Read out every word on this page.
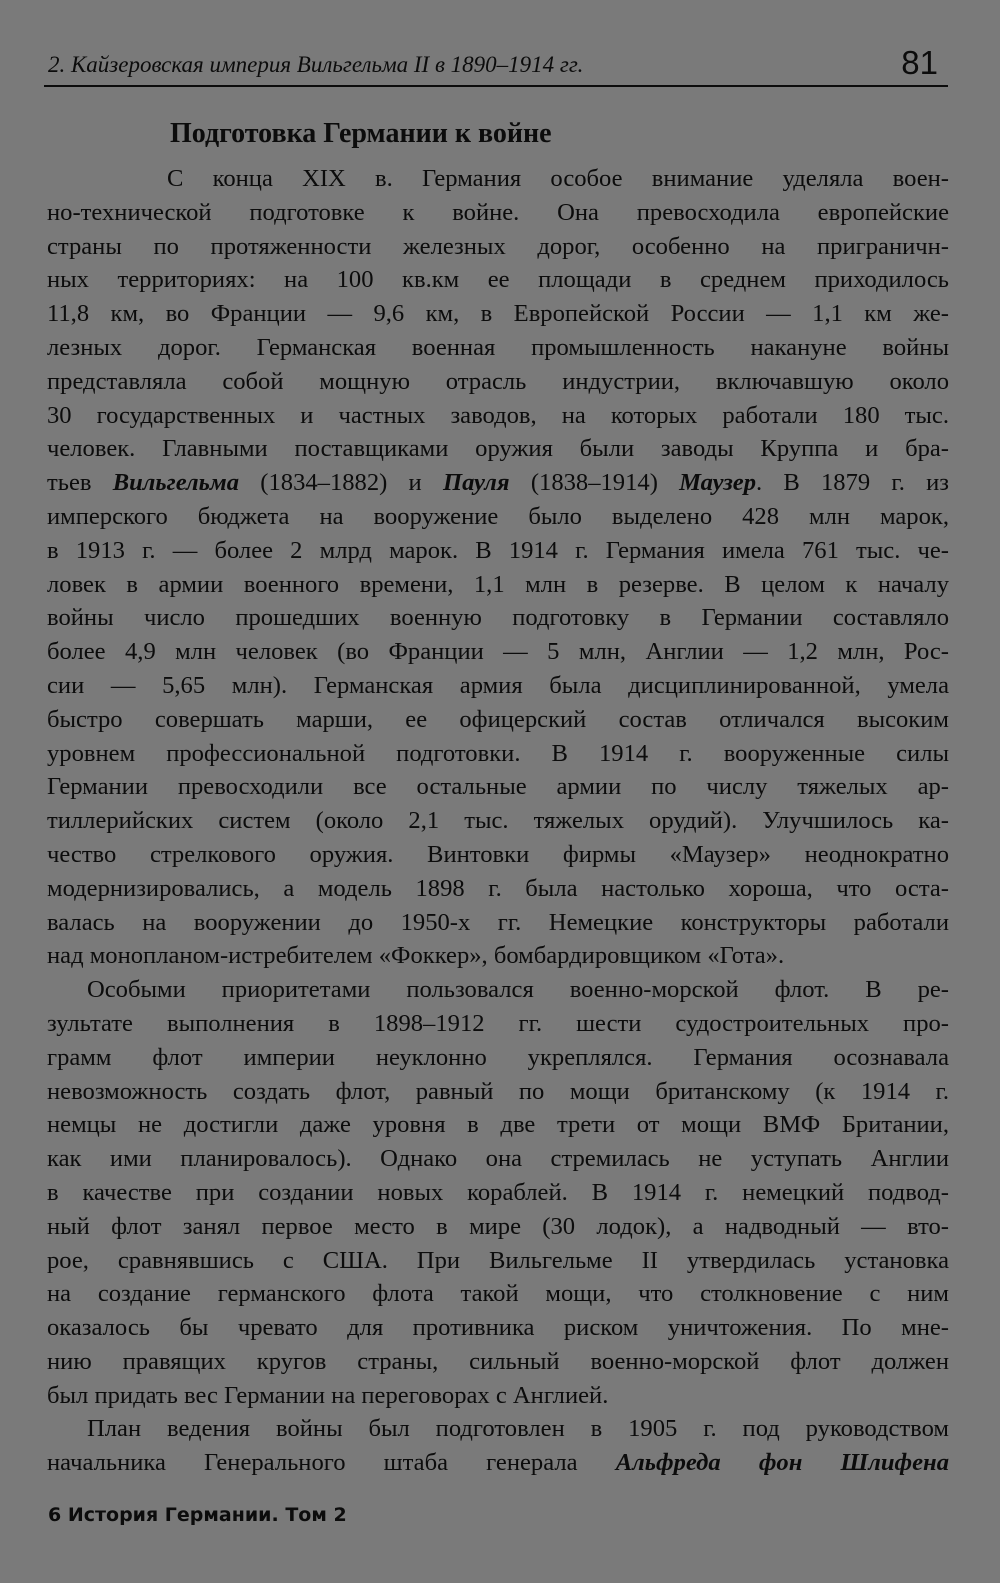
2. Кайзеровская империя Вильгельма II в 1890–1914 гг.	81
Подготовка Германии к войне
С конца XIX в. Германия особое внимание уделяла воен-
но-технической подготовке к войне. Она превосходила европейские
страны по протяженности железных дорог, особенно на приграничн-
ных территориях: на 100 кв.км ее площади в среднем приходилось
11,8 км, во Франции — 9,6 км, в Европейской России — 1,1 км же-
лезных дорог. Германская военная промышленность накануне войны
представляла собой мощную отрасль индустрии, включавшую около
30 государственных и частных заводов, на которых работали 180 тыс.
человек. Главными поставщиками оружия были заводы Круппа и бра-
тьев Вильгельма (1834–1882) и Пауля (1838–1914) Маузер. В 1879 г. из
имперского бюджета на вооружение было выделено 428 млн марок,
в 1913 г. — более 2 млрд марок. В 1914 г. Германия имела 761 тыс. че-
ловек в армии военного времени, 1,1 млн в резерве. В целом к началу
войны число прошедших военную подготовку в Германии составляло
более 4,9 млн человек (во Франции — 5 млн, Англии — 1,2 млн, Рос-
сии — 5,65 млн). Германская армия была дисциплинированной, умела
быстро совершать марши, ее офицерский состав отличался высоким
уровнем профессиональной подготовки. В 1914 г. вооруженные силы
Германии превосходили все остальные армии по числу тяжелых ар-
тиллерийских систем (около 2,1 тыс. тяжелых орудий). Улучшилось ка-
чество стрелкового оружия. Винтовки фирмы «Маузер» неоднократно
модернизировались, а модель 1898 г. была настолько хороша, что оста-
валась на вооружении до 1950-х гг. Немецкие конструкторы работали
над монопланом-истребителем «Фоккер», бомбардировщиком «Гота».
Особыми приоритетами пользовался военно-морской флот. В ре-
зультате выполнения в 1898–1912 гг. шести судостроительных про-
грамм флот империи неуклонно укреплялся. Германия осознавала
невозможность создать флот, равный по мощи британскому (к 1914 г.
немцы не достигли даже уровня в две трети от мощи ВМФ Британии,
как ими планировалось). Однако она стремилась не уступать Англии
в качестве при создании новых кораблей. В 1914 г. немецкий подвод-
ный флот занял первое место в мире (30 лодок), а надводный — вто-
рое, сравнявшись с США. При Вильгельме II утвердилась установка
на создание германского флота такой мощи, что столкновение с ним
оказалось бы чревато для противника риском уничтожения. По мне-
нию правящих кругов страны, сильный военно-морской флот должен
был придать вес Германии на переговорах с Англией.
План ведения войны был подготовлен в 1905 г. под руководством
начальника Генерального штаба генерала Альфреда фон Шлифена
6 История Германии. Том 2
